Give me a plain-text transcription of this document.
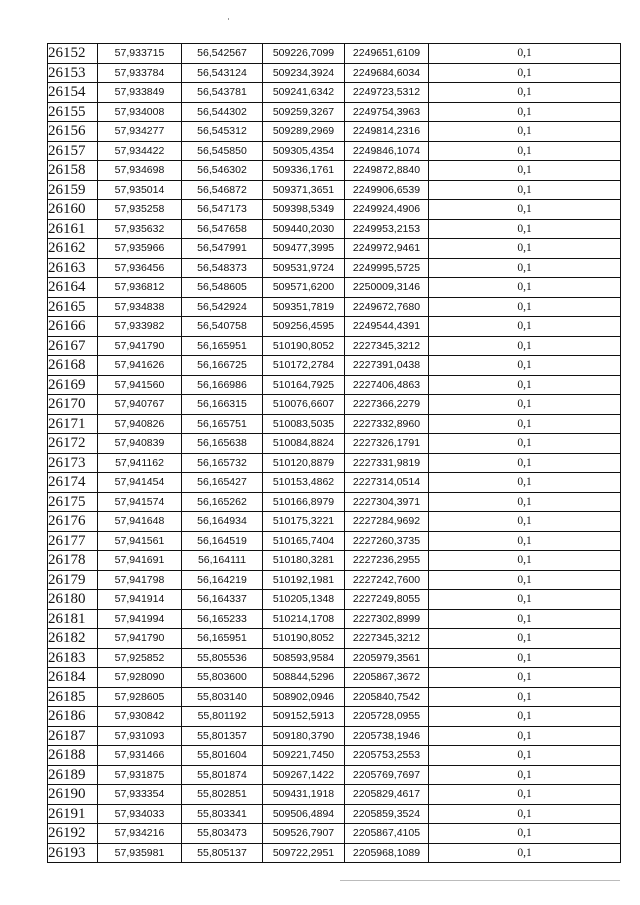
26152	57,933715	56,542567	509226,7099	2249651,6109	0,1
26153	57,933784	56,543124	509234,3924	2249684,6034	0,1
26154	57,933849	56,543781	509241,6342	2249723,5312	0,1
26155	57,934008	56,544302	509259,3267	2249754,3963	0,1
26156	57,934277	56,545312	509289,2969	2249814,2316	0,1
26157	57,934422	56,545850	509305,4354	2249846,1074	0,1
26158	57,934698	56,546302	509336,1761	2249872,8840	0,1
26159	57,935014	56,546872	509371,3651	2249906,6539	0,1
26160	57,935258	56,547173	509398,5349	2249924,4906	0,1
26161	57,935632	56,547658	509440,2030	2249953,2153	0,1
26162	57,935966	56,547991	509477,3995	2249972,9461	0,1
26163	57,936456	56,548373	509531,9724	2249995,5725	0,1
26164	57,936812	56,548605	509571,6200	2250009,3146	0,1
26165	57,934838	56,542924	509351,7819	2249672,7680	0,1
26166	57,933982	56,540758	509256,4595	2249544,4391	0,1
26167	57,941790	56,165951	510190,8052	2227345,3212	0,1
26168	57,941626	56,166725	510172,2784	2227391,0438	0,1
26169	57,941560	56,166986	510164,7925	2227406,4863	0,1
26170	57,940767	56,166315	510076,6607	2227366,2279	0,1
26171	57,940826	56,165751	510083,5035	2227332,8960	0,1
26172	57,940839	56,165638	510084,8824	2227326,1791	0,1
26173	57,941162	56,165732	510120,8879	2227331,9819	0,1
26174	57,941454	56,165427	510153,4862	2227314,0514	0,1
26175	57,941574	56,165262	510166,8979	2227304,3971	0,1
26176	57,941648	56,164934	510175,3221	2227284,9692	0,1
26177	57,941561	56,164519	510165,7404	2227260,3735	0,1
26178	57,941691	56,164111	510180,3281	2227236,2955	0,1
26179	57,941798	56,164219	510192,1981	2227242,7600	0,1
26180	57,941914	56,164337	510205,1348	2227249,8055	0,1
26181	57,941994	56,165233	510214,1708	2227302,8999	0,1
26182	57,941790	56,165951	510190,8052	2227345,3212	0,1
26183	57,925852	55,805536	508593,9584	2205979,3561	0,1
26184	57,928090	55,803600	508844,5296	2205867,3672	0,1
26185	57,928605	55,803140	508902,0946	2205840,7542	0,1
26186	57,930842	55,801192	509152,5913	2205728,0955	0,1
26187	57,931093	55,801357	509180,3790	2205738,1946	0,1
26188	57,931466	55,801604	509221,7450	2205753,2553	0,1
26189	57,931875	55,801874	509267,1422	2205769,7697	0,1
26190	57,933354	55,802851	509431,1918	2205829,4617	0,1
26191	57,934033	55,803341	509506,4894	2205859,3524	0,1
26192	57,934216	55,803473	509526,7907	2205867,4105	0,1
26193	57,935981	55,805137	509722,2951	2205968,1089	0,1
